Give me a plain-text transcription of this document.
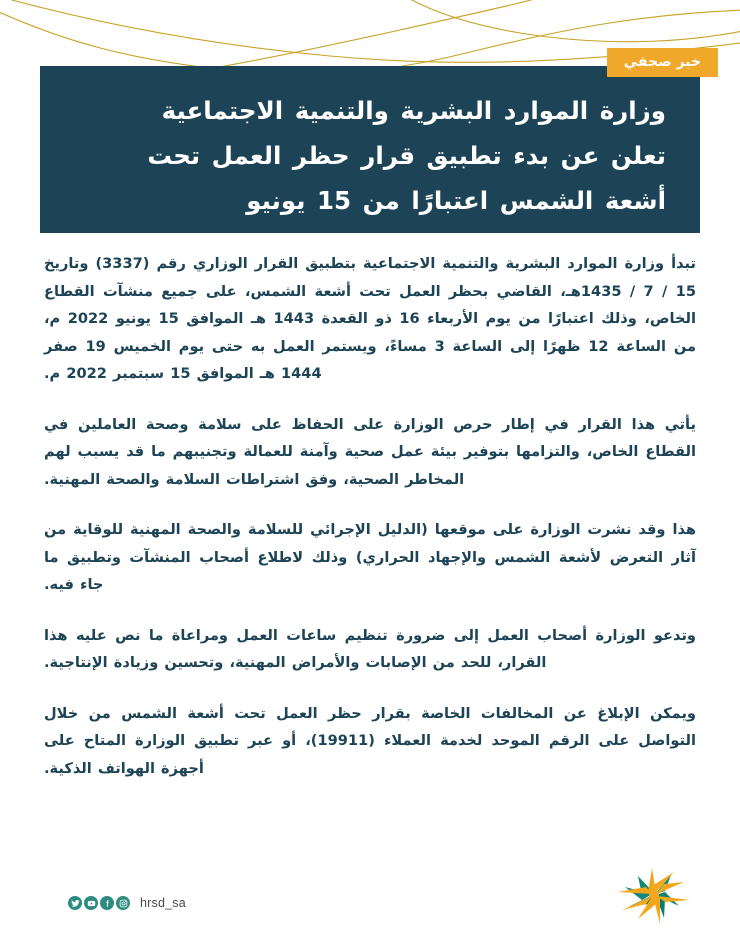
وزارة الموارد البشرية والتنمية الاجتماعية
تعلن عن بدء تطبيق قرار حظر العمل تحت
أشعة الشمس اعتبارًا من 15 يونيو
خبر صحفي

تبدأ وزارة الموارد البشرية والتنمية الاجتماعية بتطبيق القرار الوزاري رقم (3337) وتاريخ 15 / 7 / 1435هـ، القاضي بحظر العمل تحت أشعة الشمس، على جميع منشآت القطاع الخاص، وذلك اعتبارًا من يوم الأربعاء 16 ذو القعدة 1443 هـ الموافق 15 يونيو 2022 م، من الساعة 12 ظهرًا إلى الساعة 3 مساءً، ويستمر العمل به حتى يوم الخميس 19 صفر 1444 هـ الموافق 15 سبتمبر 2022 م.

يأتي هذا القرار في إطار حرص الوزارة على الحفاظ على سلامة وصحة العاملين في القطاع الخاص، والتزامها بتوفير بيئة عمل صحية وآمنة للعمالة وتجنيبهم ما قد يسبب لهم المخاطر الصحية، وفق اشتراطات السلامة والصحة المهنية.

هذا وقد نشرت الوزارة على موقعها (الدليل الإجرائي للسلامة والصحة المهنية للوقاية من آثار التعرض لأشعة الشمس والإجهاد الحراري) وذلك لاطلاع أصحاب المنشآت وتطبيق ما جاء فيه.

وتدعو الوزارة أصحاب العمل إلى ضرورة تنظيم ساعات العمل ومراعاة ما نص عليه هذا القرار، للحد من الإصابات والأمراض المهنية، وتحسين وزيادة الإنتاجية.

ويمكن الإبلاغ عن المخالفات الخاصة بقرار حظر العمل تحت أشعة الشمس من خلال التواصل على الرقم الموحد لخدمة العملاء (19911)، أو عبر تطبيق الوزارة المتاح على أجهزة الهواتف الذكية.

hrsd_sa
